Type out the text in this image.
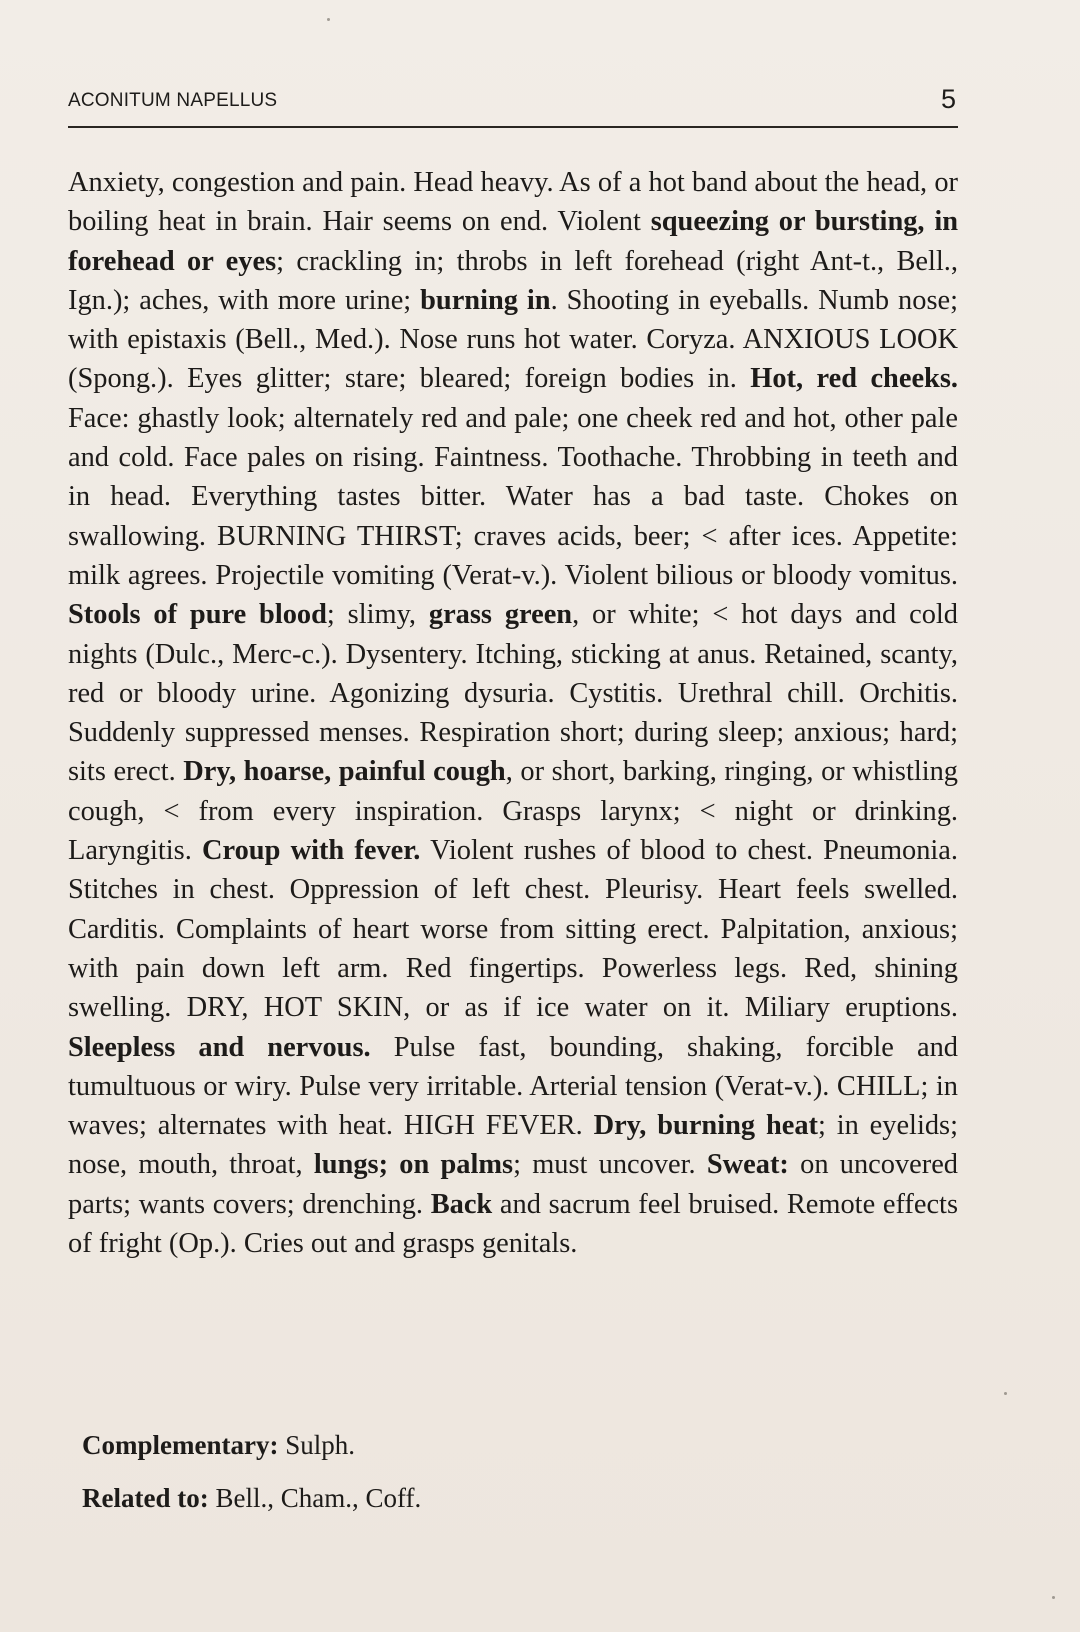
ACONITUM NAPELLUS	5
Anxiety, congestion and pain. Head heavy. As of a hot band about the head, or boiling heat in brain. Hair seems on end. Violent squeezing or bursting, in forehead or eyes; crackling in; throbs in left forehead (right Ant-t., Bell., Ign.); aches, with more urine; burning in. Shooting in eyeballs. Numb nose; with epistaxis (Bell., Med.). Nose runs hot water. Coryza. ANXIOUS LOOK (Spong.). Eyes glitter; stare; bleared; foreign bodies in. Hot, red cheeks. Face: ghastly look; alternately red and pale; one cheek red and hot, other pale and cold. Face pales on rising. Faintness. Toothache. Throbbing in teeth and in head. Everything tastes bitter. Water has a bad taste. Chokes on swallowing. BURNING THIRST; craves acids, beer; < after ices. Appetite: milk agrees. Projectile vomiting (Verat-v.). Violent bilious or bloody vomitus. Stools of pure blood; slimy, grass green, or white; < hot days and cold nights (Dulc., Merc-c.). Dysentery. Itching, sticking at anus. Retained, scanty, red or bloody urine. Agonizing dysuria. Cystitis. Urethral chill. Orchitis. Suddenly suppressed menses. Respiration short; during sleep; anxious; hard; sits erect. Dry, hoarse, painful cough, or short, barking, ringing, or whistling cough, < from every inspiration. Grasps larynx; < night or drinking. Laryngitis. Croup with fever. Violent rushes of blood to chest. Pneumonia. Stitches in chest. Oppression of left chest. Pleurisy. Heart feels swelled. Carditis. Complaints of heart worse from sitting erect. Palpitation, anxious; with pain down left arm. Red fingertips. Powerless legs. Red, shining swelling. DRY, HOT SKIN, or as if ice water on it. Miliary eruptions. Sleepless and nervous. Pulse fast, bounding, shaking, forcible and tumultuous or wiry. Pulse very irritable. Arterial tension (Verat-v.). CHILL; in waves; alternates with heat. HIGH FEVER. Dry, burning heat; in eyelids; nose, mouth, throat, lungs; on palms; must uncover. Sweat: on uncovered parts; wants covers; drenching. Back and sacrum feel bruised. Remote effects of fright (Op.). Cries out and grasps genitals.
Complementary: Sulph.
Related to: Bell., Cham., Coff.
